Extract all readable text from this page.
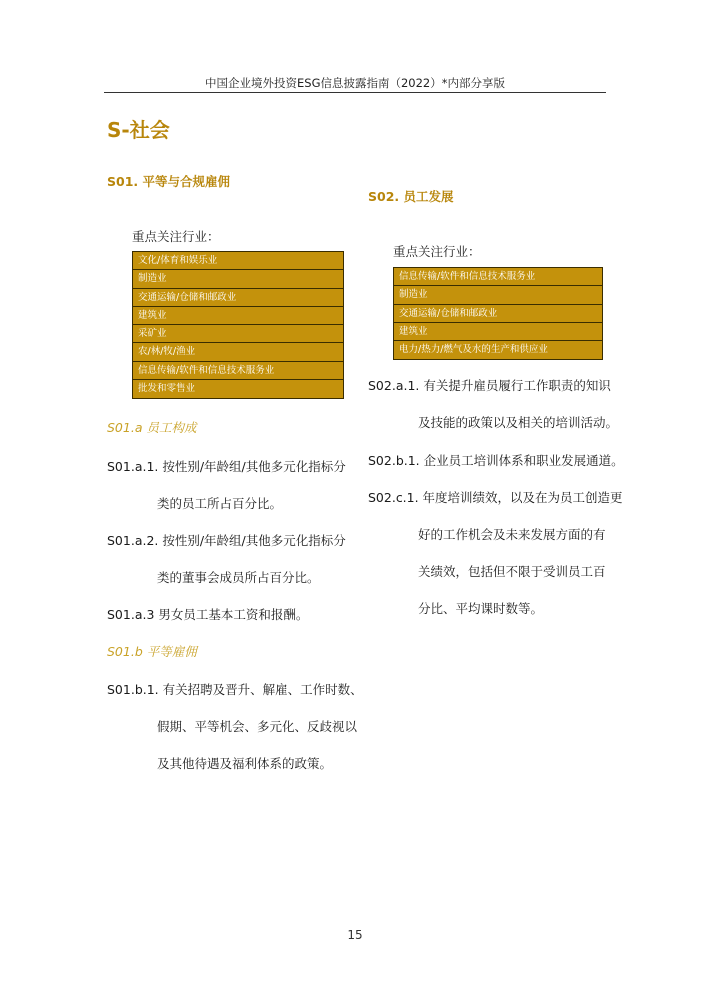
中国企业境外投资ESG信息披露指南（2022）*内部分享版
S-社会
S01. 平等与合规雇佣
重点关注行业：
文化/体育和娱乐业
制造业
交通运输/仓储和邮政业
建筑业
采矿业
农/林/牧/渔业
信息传输/软件和信息技术服务业
批发和零售业
S01.a 员工构成
S01.a.1. 按性别/年龄组/其他多元化指标分
类的员工所占百分比。
S01.a.2. 按性别/年龄组/其他多元化指标分
类的董事会成员所占百分比。
S01.a.3 男女员工基本工资和报酬。
S01.b 平等雇佣
S01.b.1. 有关招聘及晋升、解雇、工作时数、
假期、平等机会、多元化、反歧视以
及其他待遇及福利体系的政策。
S02. 员工发展
重点关注行业：
信息传输/软件和信息技术服务业
制造业
交通运输/仓储和邮政业
建筑业
电力/热力/燃气及水的生产和供应业
S02.a.1. 有关提升雇员履行工作职责的知识
及技能的政策以及相关的培训活动。
S02.b.1. 企业员工培训体系和职业发展通道。
S02.c.1. 年度培训绩效，以及在为员工创造更
好的工作机会及未来发展方面的有
关绩效，包括但不限于受训员工百
分比、平均课时数等。
15
